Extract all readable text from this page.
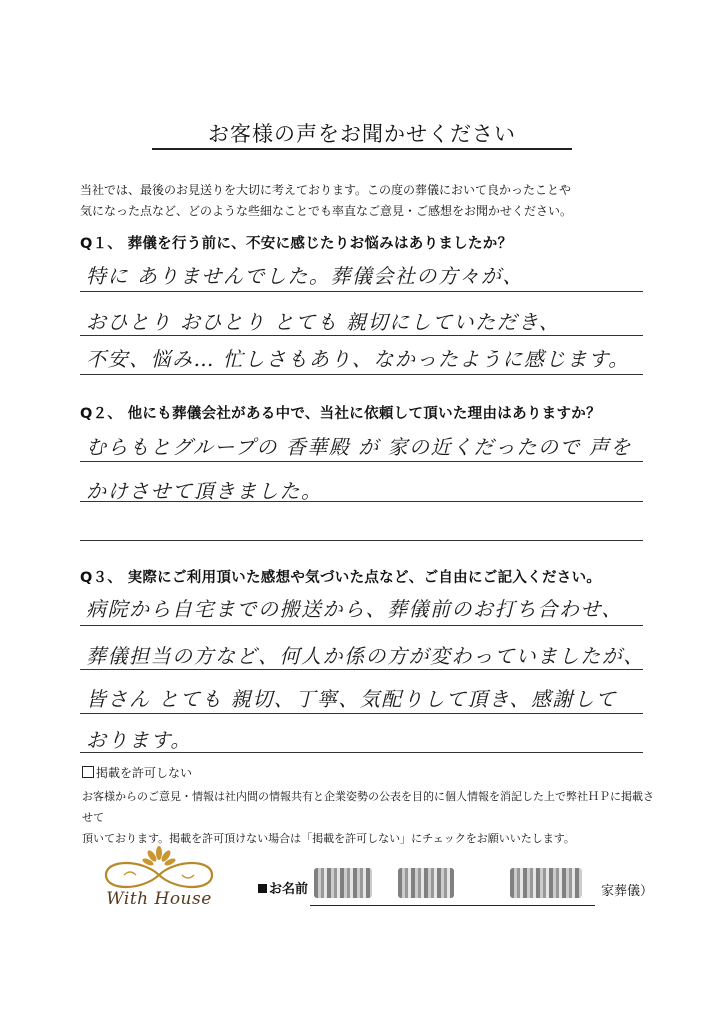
お客様の声をお聞かせください
当社では、最後のお見送りを大切に考えております。この度の葬儀において良かったことや
気になった点など、どのような些細なことでも率直なご意見・ご感想をお聞かせください。
Q１、 葬儀を行う前に、不安に感じたりお悩みはありましたか？
特に ありませんでした。葬儀会社の方々が、
おひとり おひとり とても 親切にしていただき、
不安、悩み… 忙しさもあり、なかったように感じます。
Q２、 他にも葬儀会社がある中で、当社に依頼して頂いた理由はありますか？
むらもとグループの 香華殿 が 家の近くだったので 声を
かけさせて頂きました。
Q３、 実際にご利用頂いた感想や気づいた点など、ご自由にご記入ください。
病院から自宅までの搬送から、葬儀前のお打ち合わせ、
葬儀担当の方など、何人か係の方が変わっていましたが、
皆さん とても 親切、丁寧、気配りして頂き、感謝して
おります。
掲載を許可しない
お客様からのご意見・情報は社内間の情報共有と企業姿勢の公表を目的に個人情報を消記した上で弊社ＨＰに掲載させて
頂いております。掲載を許可頂けない場合は「掲載を許可しない」にチェックをお願いいたします。
With House	お名前	家葬儀）
